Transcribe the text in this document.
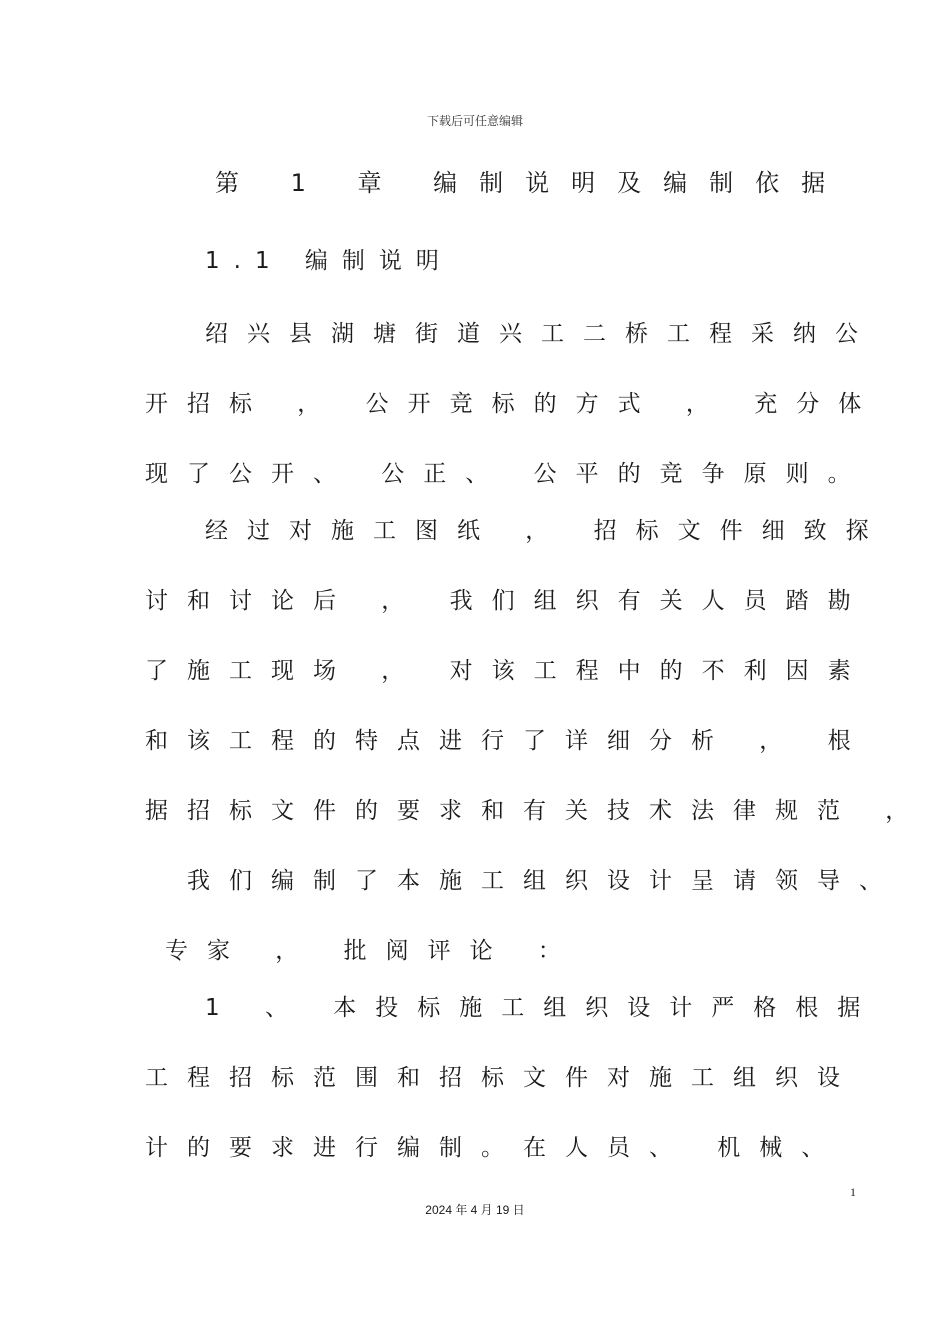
下载后可任意编辑
第 1 章 编制说明及编制依据
1.1 编制说明
绍兴县湖塘街道兴工二桥工程采纳公
开招标 ， 公开竞标的方式 ， 充分体
现了公开、 公正、 公平的竞争原则。
经过对施工图纸 ， 招标文件细致探
讨和讨论后 ， 我们组织有关人员踏勘
了施工现场 ， 对该工程中的不利因素
和该工程的特点进行了详细分析 ， 根
据招标文件的要求和有关技术法律规范 ，
我们编制了本施工组织设计呈请领导、
专家 ， 批阅评论 ：
1 、 本投标施工组织设计严格根据
工程招标范围和招标文件对施工组织设
计的要求进行编制。在人员、 机械、
1
2024 年 4 月 19 日
